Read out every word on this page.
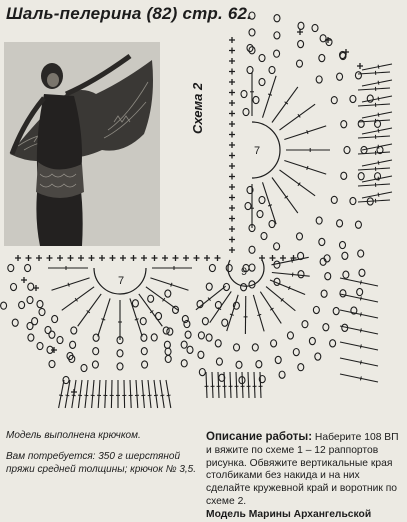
Шаль-пелерина (82) стр. 62.
7
7
9
Схема 2
Модель выполнена крючком.
Вам потребуется: 350 г шерстяной пряжи средней толщины; крючок № 3,5.
Описание работы: Наберите 108 ВП и вяжите по схеме 1 – 12 раппортов рисунка. Обвяжите вертикальные края столбиками без накида и на них сделайте кружевной край и воротник по схеме 2.
Модель Марины Архангельской
